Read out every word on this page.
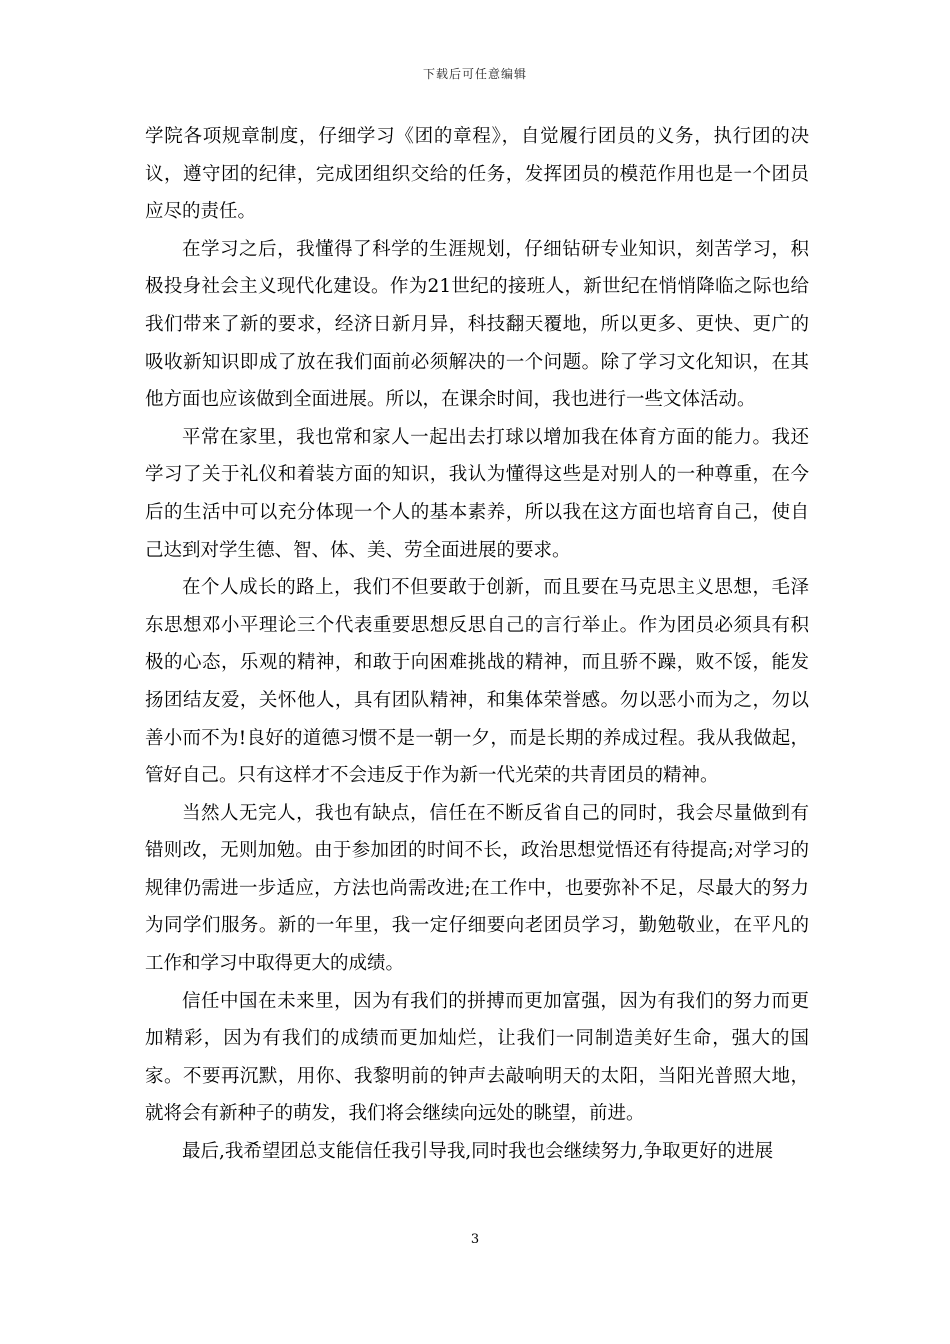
下载后可任意编辑

学院各项规章制度，仔细学习《团的章程》，自觉履行团员的义务，执行团的决议，遵守团的纪律，完成团组织交给的任务，发挥团员的模范作用也是一个团员应尽的责任。

在学习之后，我懂得了科学的生涯规划，仔细钻研专业知识，刻苦学习，积极投身社会主义现代化建设。作为21世纪的接班人，新世纪在悄悄降临之际也给我们带来了新的要求，经济日新月异，科技翻天覆地，所以更多、更快、更广的吸收新知识即成了放在我们面前必须解决的一个问题。除了学习文化知识，在其他方面也应该做到全面进展。所以，在课余时间，我也进行一些文体活动。

平常在家里，我也常和家人一起出去打球以增加我在体育方面的能力。我还学习了关于礼仪和着装方面的知识，我认为懂得这些是对别人的一种尊重，在今后的生活中可以充分体现一个人的基本素养，所以我在这方面也培育自己，使自己达到对学生德、智、体、美、劳全面进展的要求。

在个人成长的路上，我们不但要敢于创新，而且要在马克思主义思想，毛泽东思想邓小平理论三个代表重要思想反思自己的言行举止。作为团员必须具有积极的心态，乐观的精神，和敢于向困难挑战的精神，而且骄不躁，败不馁，能发扬团结友爱，关怀他人，具有团队精神，和集体荣誉感。勿以恶小而为之，勿以善小而不为!良好的道德习惯不是一朝一夕，而是长期的养成过程。我从我做起，管好自己。只有这样才不会违反于作为新一代光荣的共青团员的精神。

当然人无完人，我也有缺点，信任在不断反省自己的同时，我会尽量做到有错则改，无则加勉。由于参加团的时间不长，政治思想觉悟还有待提高;对学习的规律仍需进一步适应，方法也尚需改进;在工作中，也要弥补不足，尽最大的努力为同学们服务。新的一年里，我一定仔细要向老团员学习，勤勉敬业，在平凡的工作和学习中取得更大的成绩。

信任中国在未来里，因为有我们的拼搏而更加富强，因为有我们的努力而更加精彩，因为有我们的成绩而更加灿烂，让我们一同制造美好生命，强大的国家。不要再沉默，用你、我黎明前的钟声去敲响明天的太阳，当阳光普照大地，就将会有新种子的萌发，我们将会继续向远处的眺望，前进。

最后,我希望团总支能信任我引导我,同时我也会继续努力,争取更好的进展

3
